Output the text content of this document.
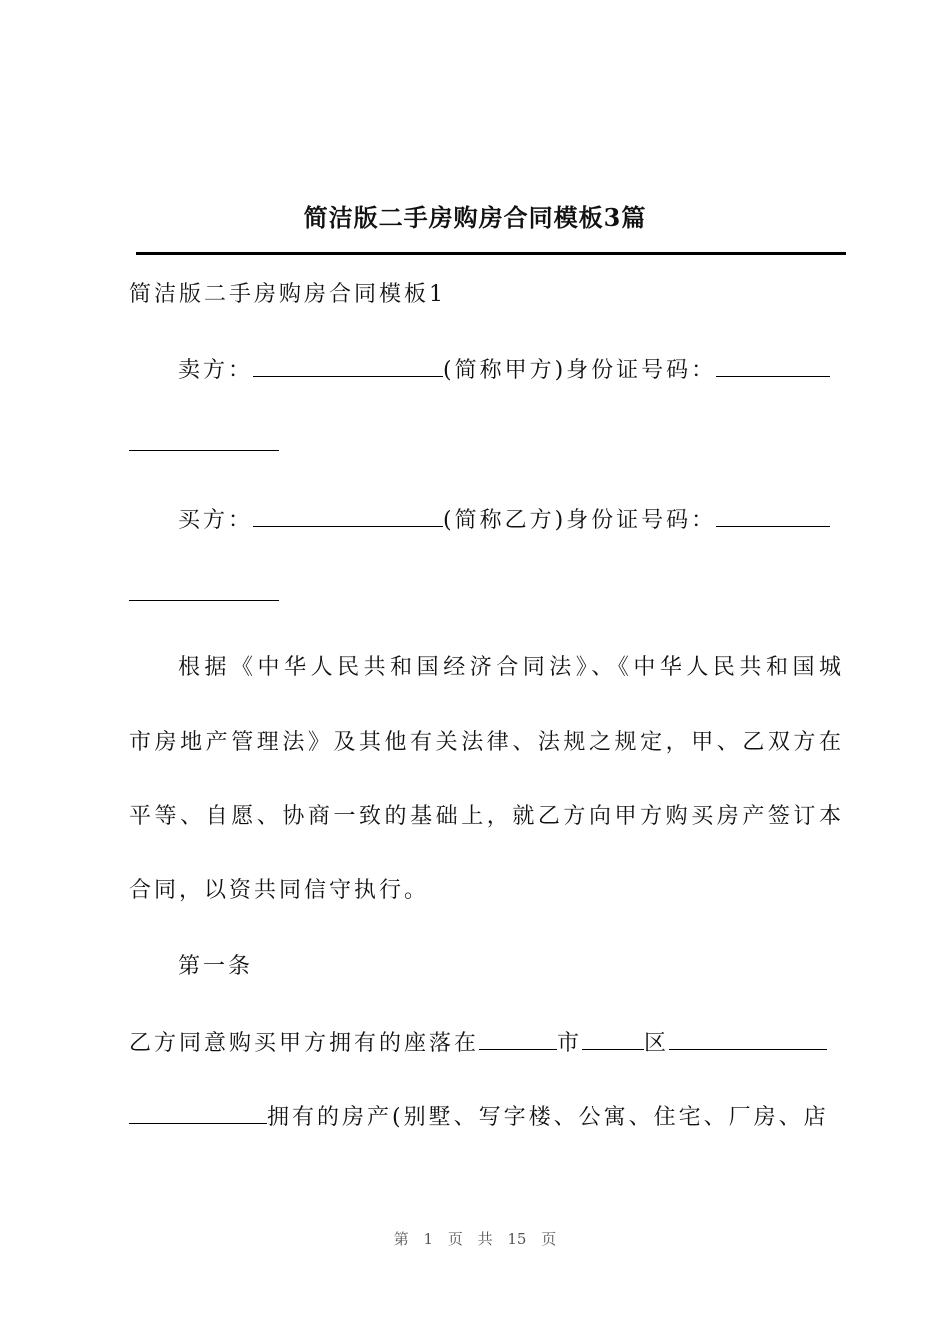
简洁版二手房购房合同模板3篇
简洁版二手房购房合同模板1
卖方：	(简称甲方)身份证号码：
买方：	(简称乙方)身份证号码：
根据《中华人民共和国经济合同法》、《中华人民共和国城
市房地产管理法》及其他有关法律、法规之规定，甲、乙双方在
平等、自愿、协商一致的基础上，就乙方向甲方购买房产签订本
合同，以资共同信守执行。
第一条
乙方同意购买甲方拥有的座落在	市	区
拥有的房产(别墅、写字楼、公寓、住宅、厂房、店
第 1 页 共 15 页
